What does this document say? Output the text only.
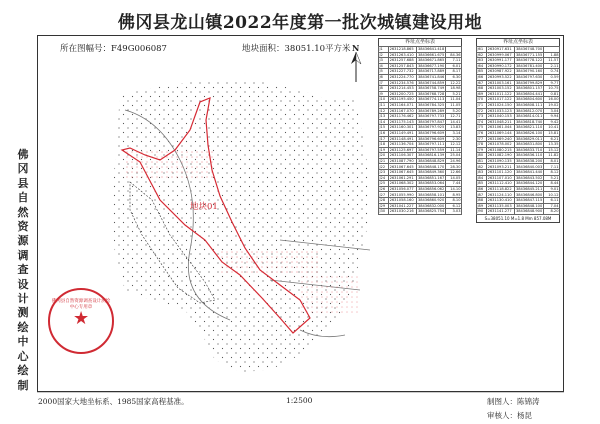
佛冈县龙山镇2022年度第一批次城镇建设用地
佛
冈
县
自
然
资
源
调
查
设
计
测
绘
中
心
绘
制
所在图幅号：F49G006087	地块面积：38051.10平方米 N
地块01
界址点坐标表
J1	2631218.865	38436641.418	
J2	2631263.410	38436661.675	84.36
J3	2631257.688	38436671.865	7.11
J4	2631257.843	38436677.190	6.01
J5	2631227.732	38436717.889	8.17
J6	2631224.770	38436741.846	6.30
J7	2631234.576	38436744.859	12.22
J8	2631214.453	38436758.749	18.98
J9	2631200.725	38436768.728	5.21
J10	2631195.450	38436774.113	11.04
J11	2631164.071	38436784.325	11.05
J12	2631167.070	38436789.289	5.20
J13	2631176.462	38436797.733	12.71
J14	2631175.143	38436797.847	14.41
J15	2631160.301	38436797.925	13.83
J16	2631149.491	38436796.609	3.14
J17	2631148.491	38436796.609	2.30
J18	2631136.704	38436797.111	12.12
J19	2631125.697	38436797.559	11.14
J20	2631106.307	38436816.139	25.04
J21	2631087.790	38436848.829	24.96
J22	2631067.645	38436848.170	28.30
J23	2631067.645	38436849.360	12.66
J24	2631061.291	38436851.167	14.05
J25	2631068.302	38436853.064	7.44
J26	2631056.077	38436856.062	14.10
J27	2631055.990	38436858.101	8.95
J28	2631058.160	38436860.920	8.10
J29	2631041.227	38436832.000	6.12
J30	2631030.216	38436825.754	3.03
界址点坐标表
J61	2630917.631	38436748.700	
J62	2630999.067	38436771.155	1.88
J63	2630991.177	38436778.122	11.57
J64	2630990.172	38436781.400	2.11
J65	2630987.922	38436790.160	0.74
J66	2630993.522	38436797.630	0.59
J67	2631003.161	38436799.829	9.77
J68	2631003.152	38436801.157	10.75
J69	2631011.122	38436804.441	0.81
J70	2631017.122	38436804.600	16.00
J71	2631024.150	38436808.111	19.02
J72	2631033.123	38436812.070	3.04
J73	2631040.153	38436814.011	9.94
J74	2631048.211	38436818.740	9.42
J75	2631061.044	38436821.110	10.41
J76	2631069.144	38436826.100	15.81
J77	2631069.240	38436829.011	6.21
J78	2631078.002	38436831.800	13.35
J79	2631080.215	38436833.710	15.12
J80	2631082.190	38436836.110	11.82
J81	2631090.135	38436838.200	8.01
J82	2631093.211	38436840.003	7.11
J83	2631101.120	38436841.440	8.12
J84	2631107.010	38436843.502	5.21
J85	2631112.410	38436844.120	8.44
J86	2631118.822	38436845.211	9.01
J87	2631124.110	38436846.800	10.12
J88	2631130.410	38436847.115	6.11
J89	2631135.003	38436848.100	7.04
J90	2631141.277	38436848.900	8.20
S=38051.10 M=1.8 Mm 857.08M
佛冈县自然资源调查设计测绘中心专用章
★
2000国家大地坐标系、1985国家高程基准。	1:2500	制图人：陈锦涛
审核人：杨昆
